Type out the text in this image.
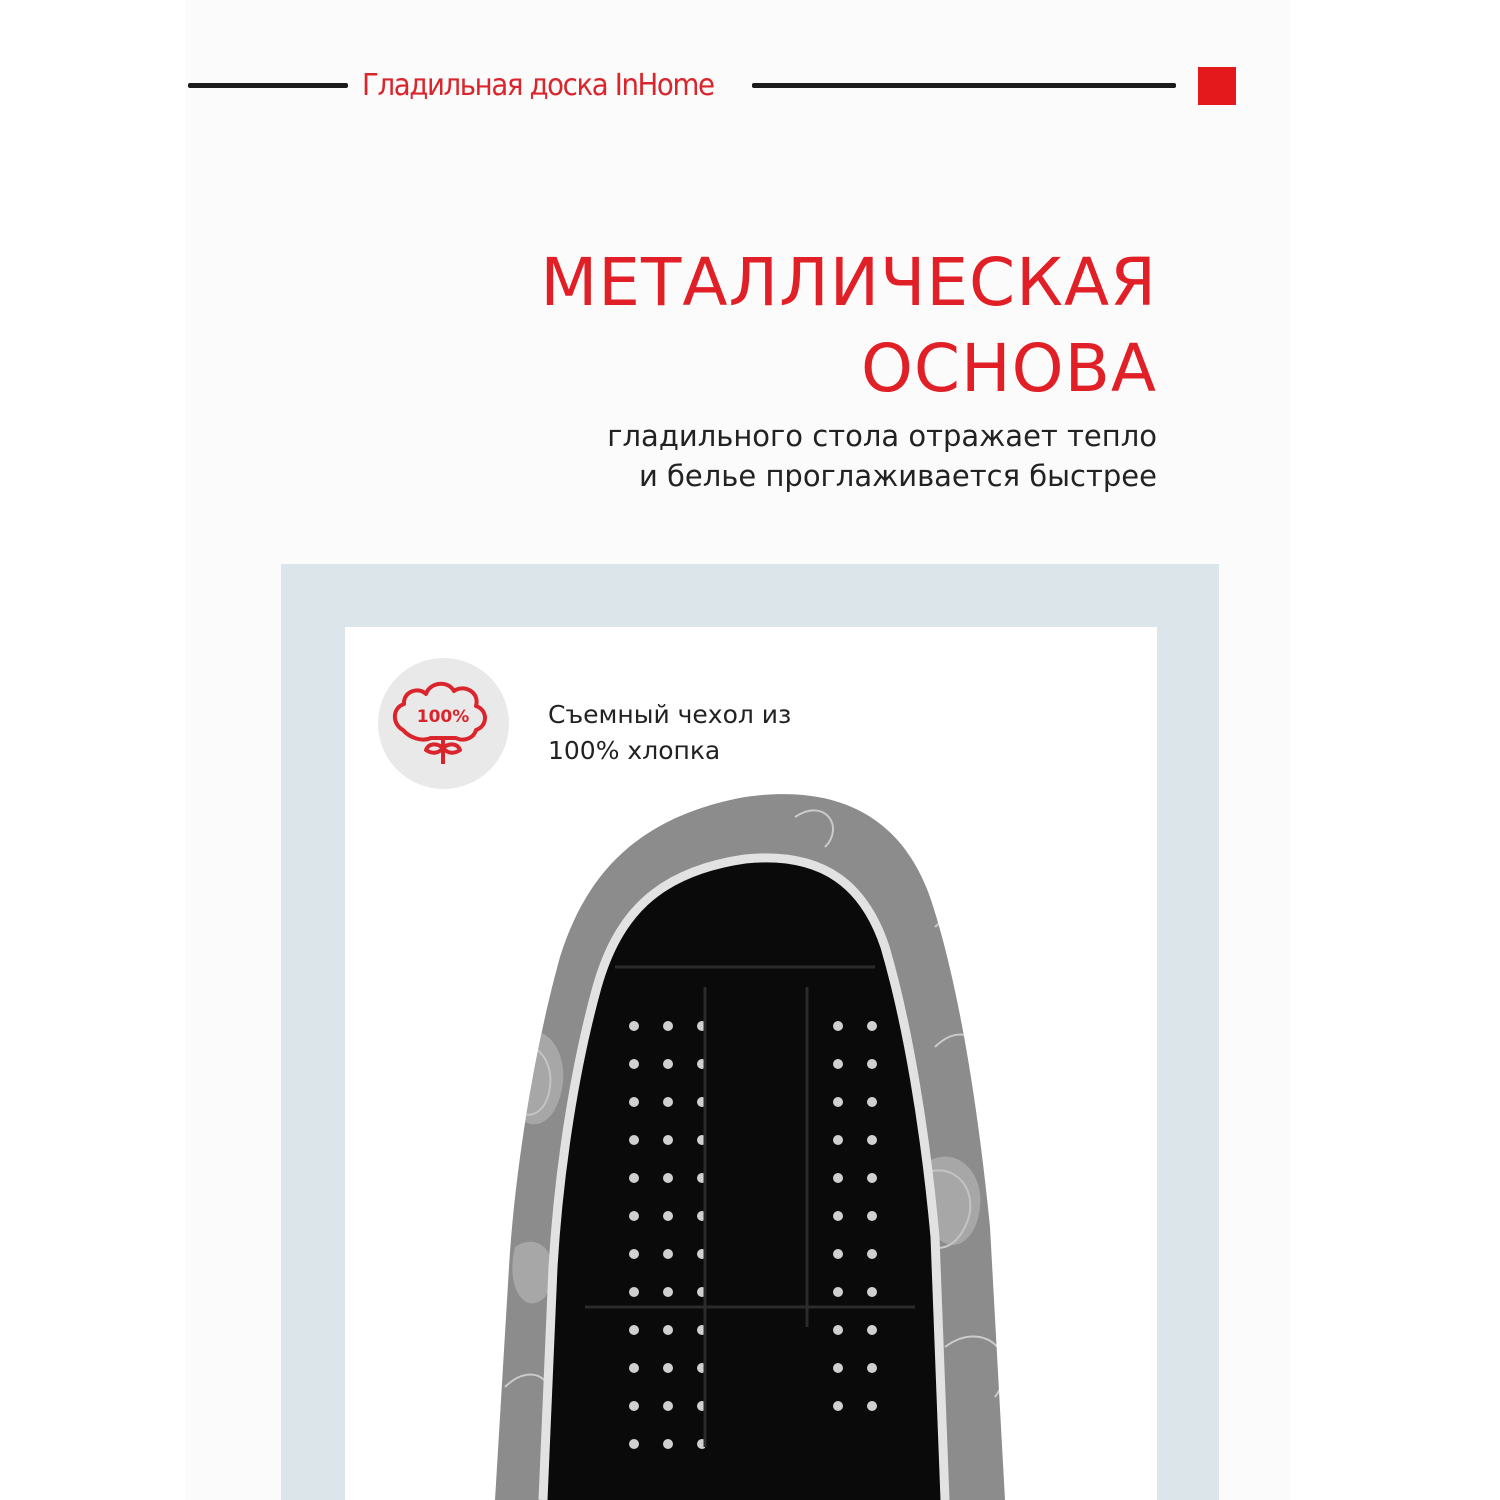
Гладильная доска InHome
МЕТАЛЛИЧЕСКАЯ
ОСНОВА
гладильного стола отражает тепло
и белье проглаживается быстрее
100%	Съемный чехол из
100% хлопка
